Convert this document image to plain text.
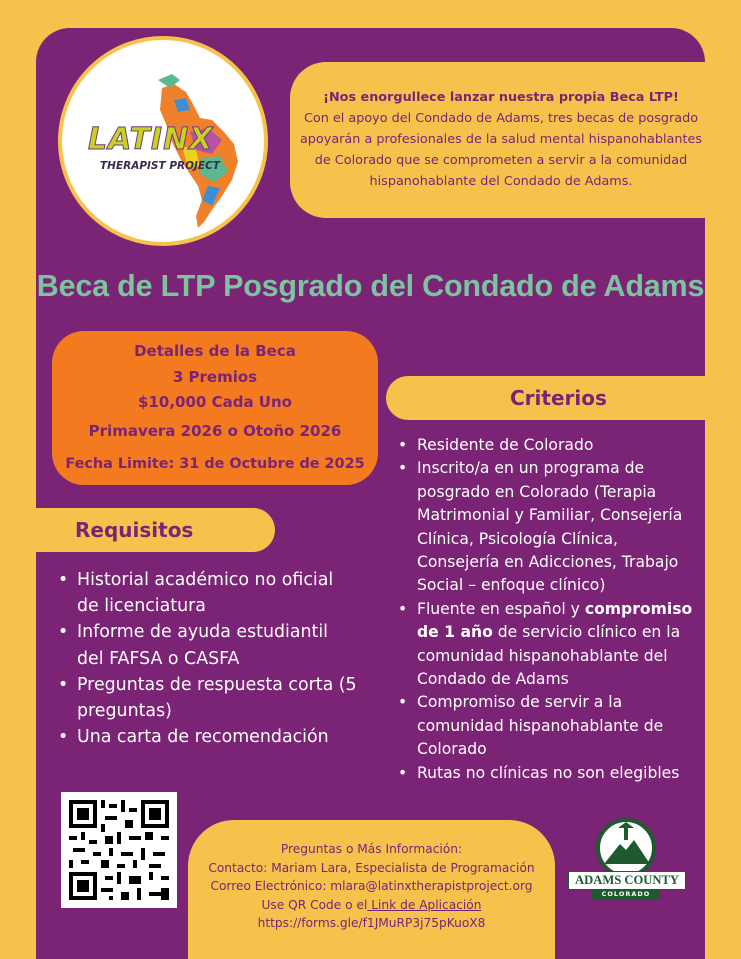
LATINX
THERAPIST PROJECT
¡Nos enorgullece lanzar nuestra propia Beca LTP!
Con el apoyo del Condado de Adams, tres becas de posgrado apoyarán a profesionales de la salud mental hispanohablantes de Colorado que se comprometen a servir a la comunidad hispanohablante del Condado de Adams.
Beca de LTP Posgrado del Condado de Adams
Detalles de la Beca
3 Premios
$10,000 Cada Uno
Primavera 2026 o Otoño 2026
Fecha Limite: 31 de Octubre de 2025
Criterios
• Residente de Colorado
• Inscrito/a en un programa de posgrado en Colorado (Terapia Matrimonial y Familiar, Consejería Clínica, Psicología Clínica, Consejería en Adicciones, Trabajo Social – enfoque clínico)
• Fluente en español y compromiso de 1 año de servicio clínico en la comunidad hispanohablante del Condado de Adams
• Compromiso de servir a la comunidad hispanohablante de Colorado
• Rutas no clínicas no son elegibles
Requisitos
• Historial académico no oficial de licenciatura
• Informe de ayuda estudiantil del FAFSA o CASFA
• Preguntas de respuesta corta (5 preguntas)
• Una carta de recomendación
Preguntas o Más Información:
Contacto: Mariam Lara, Especialista de Programación
Correo Electrónico: mlara@latinxtherapistproject.org
Use QR Code o el Link de Aplicación
https://forms.gle/f1JMuRP3j75pKuoX8
ADAMS COUNTY
COLORADO
